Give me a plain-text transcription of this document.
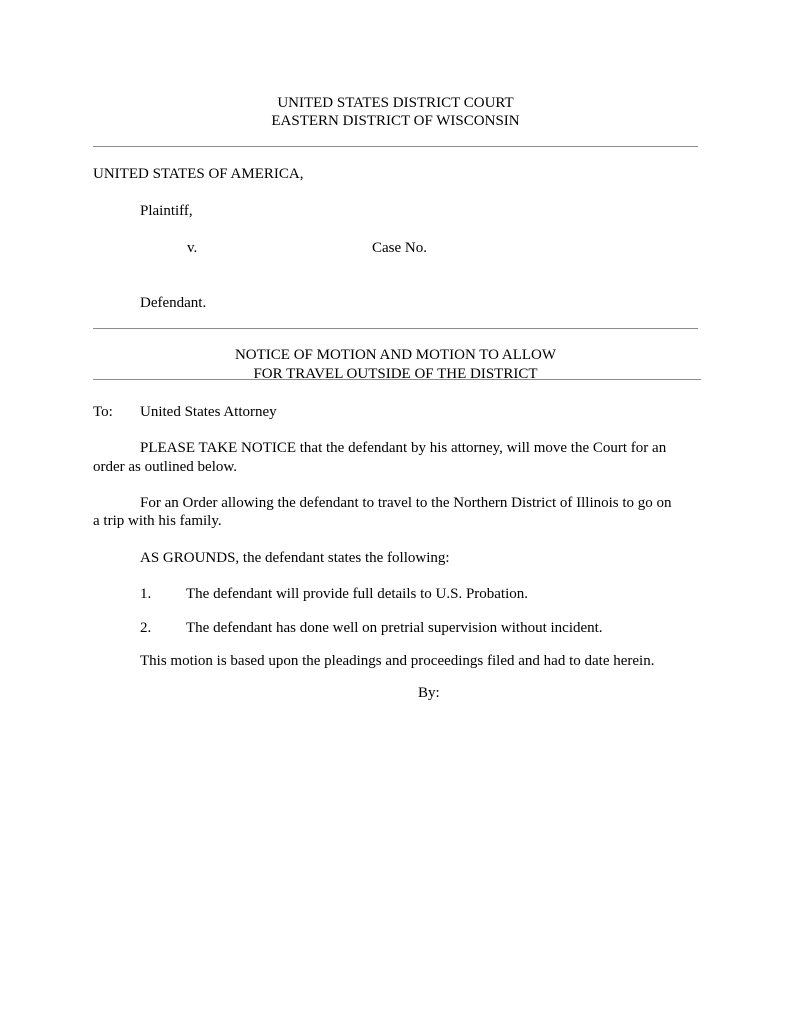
UNITED STATES DISTRICT COURT
EASTERN DISTRICT OF WISCONSIN
UNITED STATES OF AMERICA,
Plaintiff,
v.	Case No.
Defendant.
NOTICE OF MOTION AND MOTION TO ALLOW
FOR TRAVEL OUTSIDE OF THE DISTRICT
To: United States Attorney
PLEASE TAKE NOTICE that the defendant by his attorney, will move the Court for an
order as outlined below.
For an Order allowing the defendant to travel to the Northern District of Illinois to go on
a trip with his family.
AS GROUNDS, the defendant states the following:
1. The defendant will provide full details to U.S. Probation.
2. The defendant has done well on pretrial supervision without incident.
This motion is based upon the pleadings and proceedings filed and had to date herein.
By:
